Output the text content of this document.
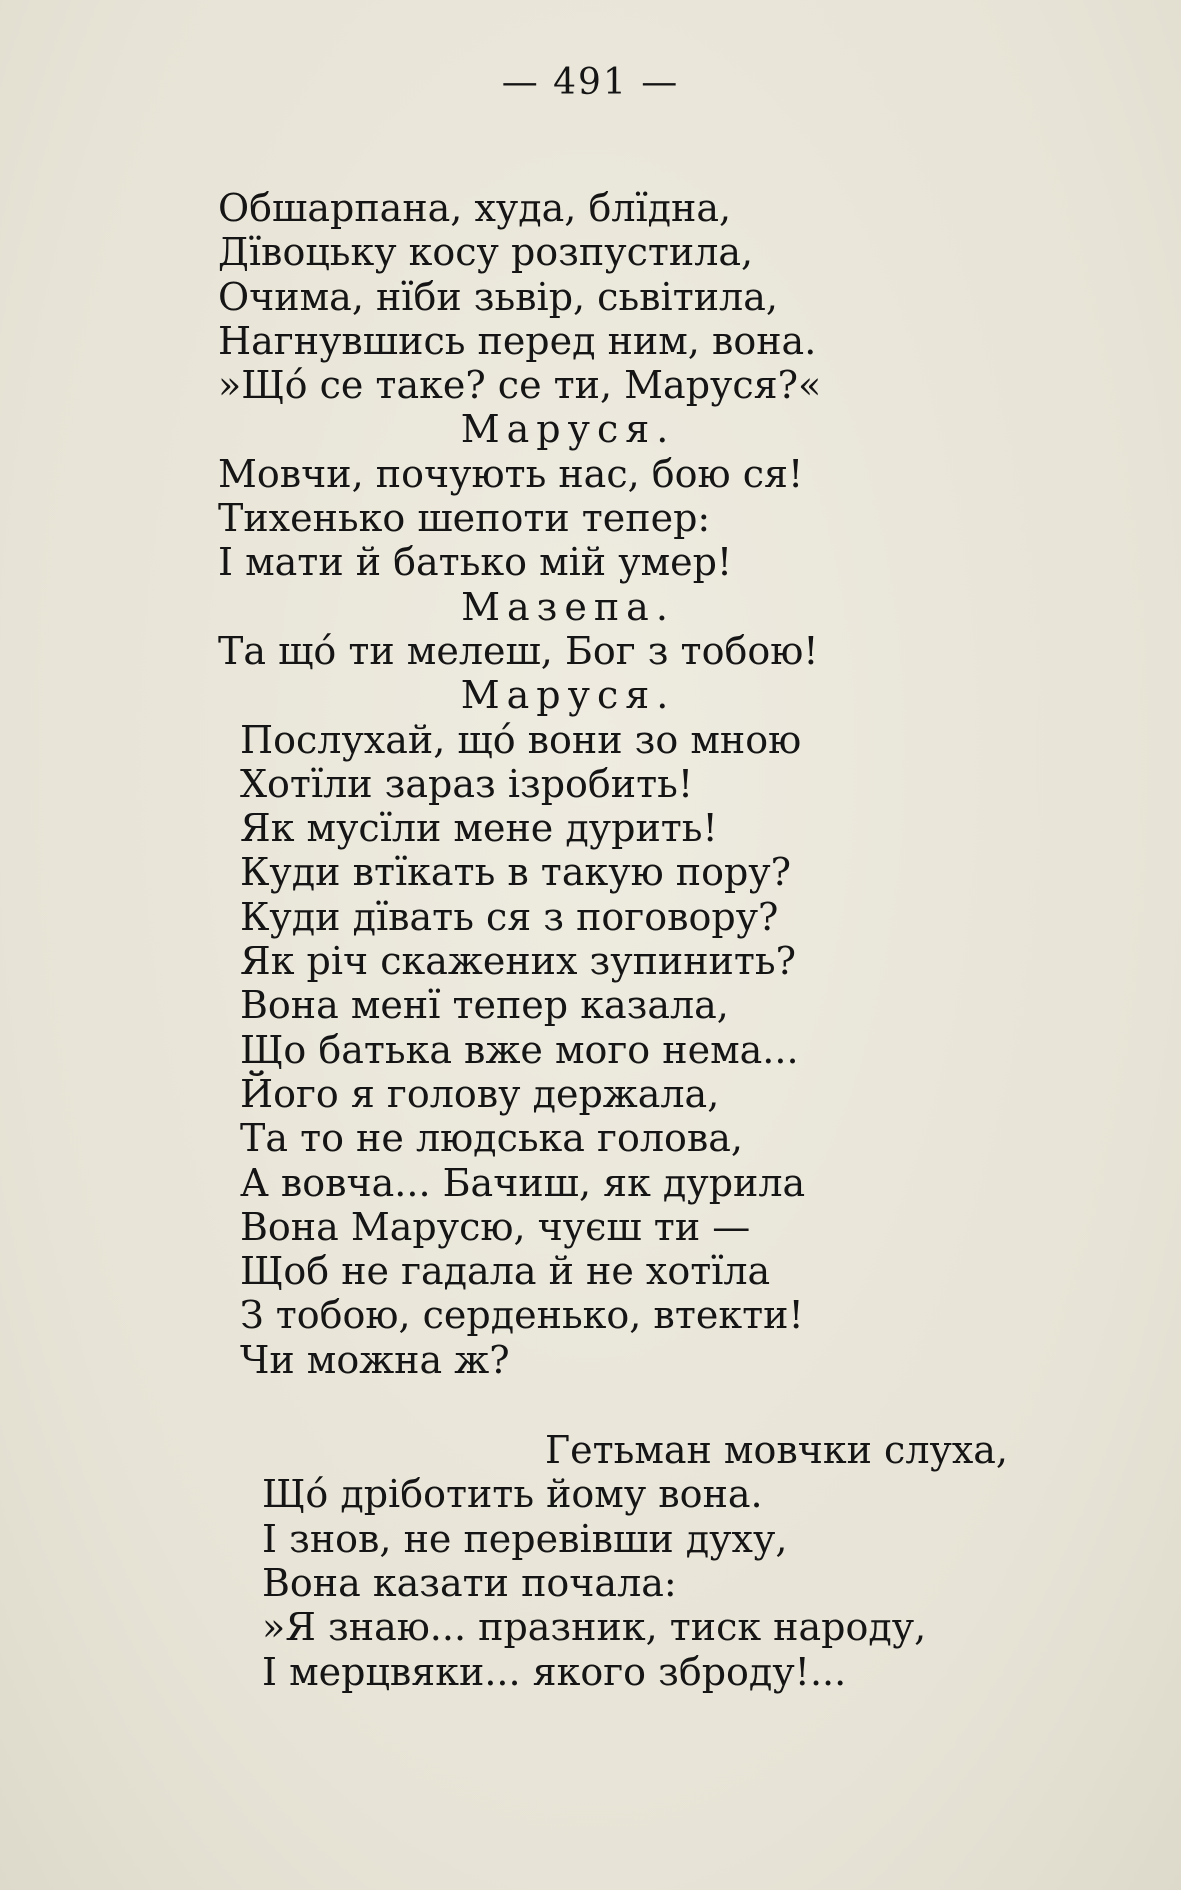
— 491 —
Обшарпана, худа, блїдна,
Дївоцьку косу розпустила,
Очима, нїби зьвір, сьвітила,
Нагнувшись перед ним, вона.
»Щó се таке? се ти, Маруся?«
Маруся.
Мовчи, почують нас, бою ся!
Тихенько шепоти тепер:
І мати й батько мій умер!
Мазепа.
Та щó ти мелеш, Бог з тобою!
Маруся.
Послухай, щó вони зо мною
Хотїли зараз ізробить!
Як мусїли мене дурить!
Куди втїкать в такую пору?
Куди дївать ся з поговору?
Як річ скажених зупинить?
Вона менї тепер казала,
Що батька вже мого нема...
Його я голову держала,
Та то не людська голова,
А вовча... Бачиш, як дурила
Вона Марусю, чуєш ти —
Щоб не гадала й не хотїла
З тобою, серденько, втекти!
Чи можна ж?
Гетьман мовчки слуха,
Щó дріботить йому вона.
І знов, не перевівши духу,
Вона казати почала:
»Я знаю... празник, тиск народу,
І мерцвяки... якого зброду!...
